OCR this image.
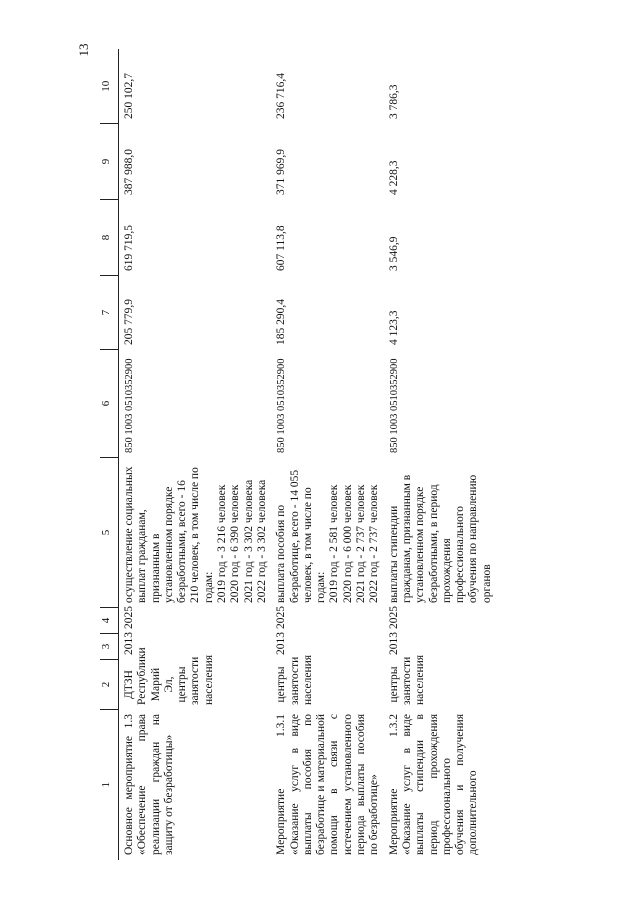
13
1	2	3	4	5	6	7	8	9	10
Основное мероприятие 1.3 «Обеспечение права реализации граждан на защиту от безработицы»	ДТЗН Республики Марий Эл, центры занятости населения	2013	2025	осуществление социальных выплат гражданам, признанным в установленном порядке безработными, всего - 16 210 человек, в том числе по годам:
2019 год - 3 216 человек
2020 год - 6 390 человек
2021 год - 3 302 человека
2022 год - 3 302 человека	850 1003 0510352900	205 779,9	619 719,5	387 988,0	250 102,7
Мероприятие 1.3.1 «Оказание услуг в виде выплаты пособия по безработице и материальной помощи в связи с истечением установленного периода выплаты пособия по безработице»	центры занятости населения	2013	2025	выплата пособия по безработице, всего - 14 055 человек, в том числе по годам:
2019 год - 2 581 человек
2020 год - 6 000 человек
2021 год - 2 737 человек
2022 год - 2 737 человек	850 1003 0510352900	185 290,4	607 113,8	371 969,9	236 716,4
Мероприятие 1.3.2 «Оказание услуг в виде выплаты стипендии в период прохождения профессионального обучения и получения дополнительного	центры занятости населения	2013	2025	выплаты стипендии гражданам, признанным в установленном порядке безработными, в период прохождения профессионального обучения по направлению органов	850 1003 0510352900	4 123,3	3 546,9	4 228,3	3 786,3
